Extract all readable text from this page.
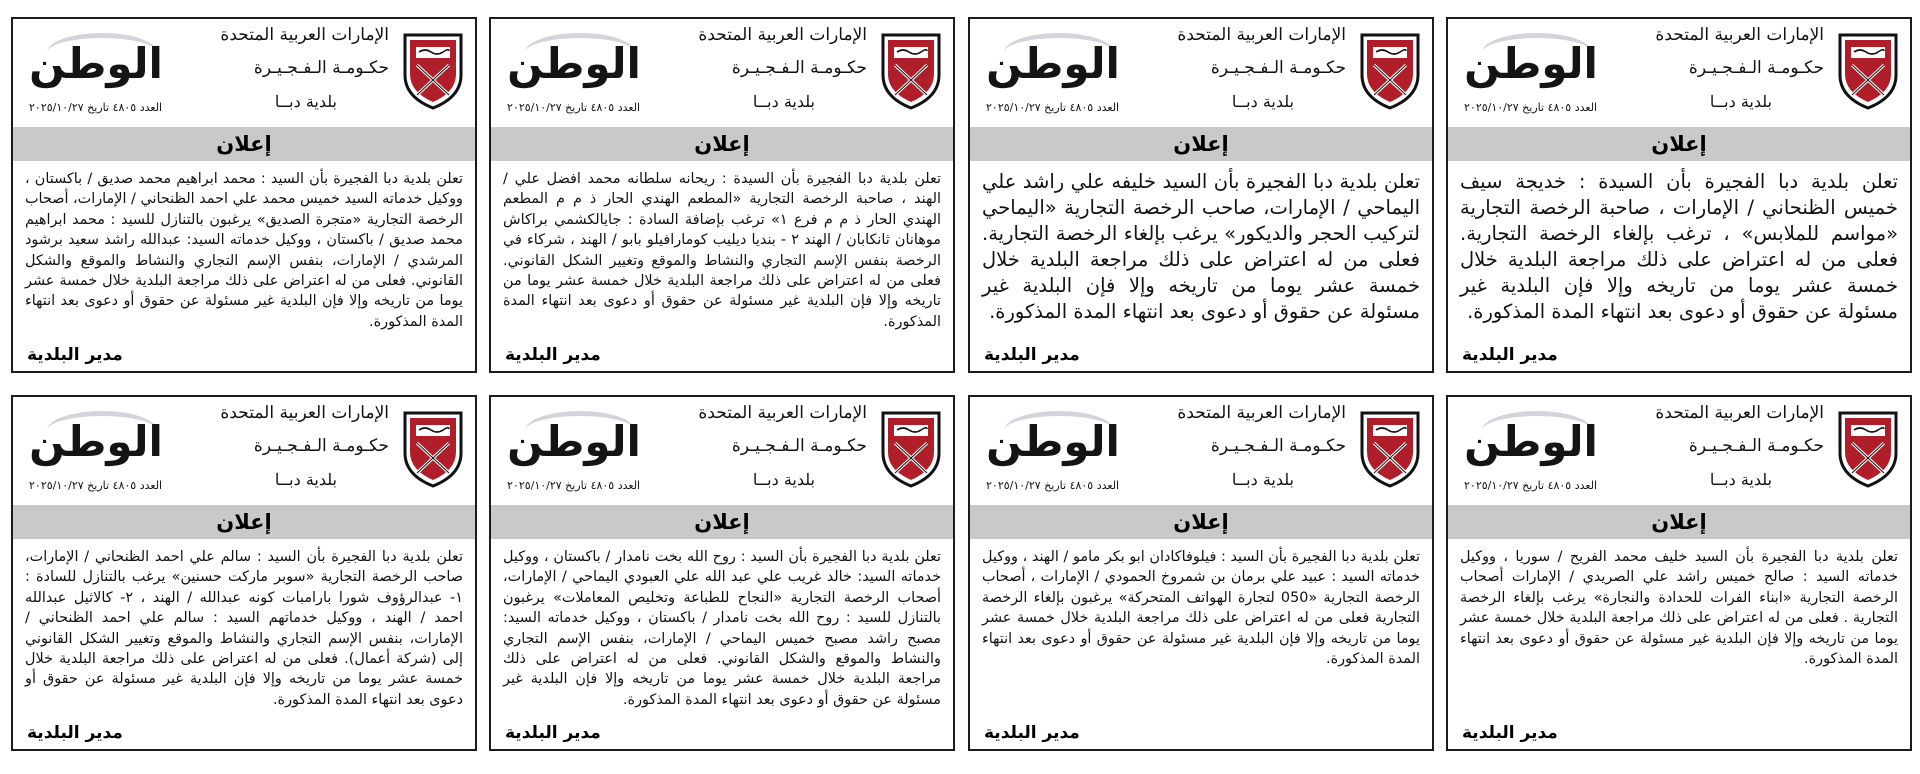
الإمارات العربية المتحدة
حكـومـة الـفـجـيـرة
بلدية دبــا
الوطن
العدد ٤٨٠٥ تاريخ ٢٠٢٥/١٠/٢٧
إعلان
تعلن بلدية دبا الفجيرة بأن السيدة : خديجة سيف خميس الظنحاني / الإمارات ، صاحبة الرخصة التجارية «مواسم للملابس» ، ترغب بإلغاء الرخصة التجارية. فعلى من له اعتراض على ذلك مراجعة البلدية خلال خمسة عشر يوما من تاريخه وإلا فإن البلدية غير مسئولة عن حقوق أو دعوى بعد انتهاء المدة المذكورة.
مدير البلدية
الإمارات العربية المتحدة
حكـومـة الـفـجـيـرة
بلدية دبــا
الوطن
العدد ٤٨٠٥ تاريخ ٢٠٢٥/١٠/٢٧
إعلان
تعلن بلدية دبا الفجيرة بأن السيد خليفه علي راشد علي اليماحي / الإمارات، صاحب الرخصة التجارية «اليماحي لتركيب الحجر والديكور» يرغب بإلغاء الرخصة التجارية. فعلى من له اعتراض على ذلك مراجعة البلدية خلال خمسة عشر يوما من تاريخه وإلا فإن البلدية غير مسئولة عن حقوق أو دعوى بعد انتهاء المدة المذكورة.
مدير البلدية
الإمارات العربية المتحدة
حكـومـة الـفـجـيـرة
بلدية دبــا
الوطن
العدد ٤٨٠٥ تاريخ ٢٠٢٥/١٠/٢٧
إعلان
تعلن بلدية دبا الفجيرة بأن السيدة : ريحانه سلطانه محمد افضل علي / الهند ، صاحبة الرخصة التجارية «المطعم الهندي الحار ذ م م المطعم الهندي الحار ذ م م فرع ١» ترغب بإضافة السادة : جايالكشمي براكاش موهانان ثانكابان / الهند ٢ - بنديا ديليب كومارافيلو بابو / الهند ، شركاء في الرخصة بنفس الإسم التجاري والنشاط والموقع وتغيير الشكل القانوني. فعلى من له اعتراض على ذلك مراجعة البلدية خلال خمسة عشر يوما من تاريخه وإلا فإن البلدية غير مسئولة عن حقوق أو دعوى بعد انتهاء المدة المذكورة.
مدير البلدية
الإمارات العربية المتحدة
حكـومـة الـفـجـيـرة
بلدية دبــا
الوطن
العدد ٤٨٠٥ تاريخ ٢٠٢٥/١٠/٢٧
إعلان
تعلن بلدية دبا الفجيرة بأن السيد : محمد ابراهيم محمد صديق / باكستان ، ووكيل خدماته السيد خميس محمد علي احمد الظنحاني / الإمارات، أصحاب الرخصة التجارية «متجرة الصديق» يرغبون بالتنازل للسيد : محمد ابراهيم محمد صديق / باكستان ، ووكيل خدماته السيد: عبدالله راشد سعيد برشود المرشدي / الإمارات، بنفس الإسم التجاري والنشاط والموقع والشكل القانوني. فعلى من له اعتراض على ذلك مراجعة البلدية خلال خمسة عشر يوما من تاريخه وإلا فإن البلدية غير مسئولة عن حقوق أو دعوى بعد انتهاء المدة المذكورة.
مدير البلدية
الإمارات العربية المتحدة
حكـومـة الـفـجـيـرة
بلدية دبــا
الوطن
العدد ٤٨٠٥ تاريخ ٢٠٢٥/١٠/٢٧
إعلان
تعلن بلدية دبا الفجيرة بأن السيد خليف محمد الفريح / سوريا ، ووكيل خدماته السيد : صالح خميس راشد علي الصريدي / الإمارات أصحاب الرخصة التجارية «ابناء الفرات للحدادة والنجارة» يرغب بإلغاء الرخصة التجارية . فعلى من له اعتراض على ذلك مراجعة البلدية خلال خمسة عشر يوما من تاريخه وإلا فإن البلدية غير مسئولة عن حقوق أو دعوى بعد انتهاء المدة المذكورة.
مدير البلدية
الإمارات العربية المتحدة
حكـومـة الـفـجـيـرة
بلدية دبــا
الوطن
العدد ٤٨٠٥ تاريخ ٢٠٢٥/١٠/٢٧
إعلان
تعلن بلدية دبا الفجيرة بأن السيد : فيلوفاكادان ابو بكر مامو / الهند ، ووكيل خدماته السيد : عبيد علي برمان بن شمروخ الحمودي / الإمارات ، أصحاب الرخصة التجارية «050 لتجارة الهواتف المتحركة» يرغبون بإلغاء الرخصة التجارية فعلى من له اعتراض على ذلك مراجعة البلدية خلال خمسة عشر يوما من تاريخه وإلا فإن البلدية غير مسئولة عن حقوق أو دعوى بعد انتهاء المدة المذكورة.
مدير البلدية
الإمارات العربية المتحدة
حكـومـة الـفـجـيـرة
بلدية دبــا
الوطن
العدد ٤٨٠٥ تاريخ ٢٠٢٥/١٠/٢٧
إعلان
تعلن بلدية دبا الفجيرة بأن السيد : روح الله بخت نامدار / باكستان ، ووكيل خدماته السيد: خالد غريب علي عبد الله علي العبودي اليماحي / الإمارات، أصحاب الرخصة التجارية «النجاح للطباعة وتخليص المعاملات» يرغبون بالتنازل للسيد : روح الله بخت نامدار / باكستان ، ووكيل خدماته السيد: مصبح راشد مصبح خميس اليماحي / الإمارات، بنفس الإسم التجاري والنشاط والموقع والشكل القانوني. فعلى من له اعتراض على ذلك مراجعة البلدية خلال خمسة عشر يوما من تاريخه وإلا فإن البلدية غير مسئولة عن حقوق أو دعوى بعد انتهاء المدة المذكورة.
مدير البلدية
الإمارات العربية المتحدة
حكـومـة الـفـجـيـرة
بلدية دبــا
الوطن
العدد ٤٨٠٥ تاريخ ٢٠٢٥/١٠/٢٧
إعلان
تعلن بلدية دبا الفجيرة بأن السيد : سالم علي احمد الظنحاني / الإمارات، صاحب الرخصة التجارية «سوبر ماركت حسنين» يرغب بالتنازل للسادة : ١- عبدالرؤوف شورا بارامبات كونه عبدالله / الهند ، ٢- كالاثيل عبدالله احمد / الهند ، ووكيل خدماتهم السيد : سالم علي احمد الظنحاني / الإمارات، بنفس الإسم التجاري والنشاط والموقع وتغيير الشكل القانوني إلى (شركة أعمال). فعلى من له اعتراض على ذلك مراجعة البلدية خلال خمسة عشر يوما من تاريخه وإلا فإن البلدية غير مسئولة عن حقوق أو دعوى بعد انتهاء المدة المذكورة.
مدير البلدية
